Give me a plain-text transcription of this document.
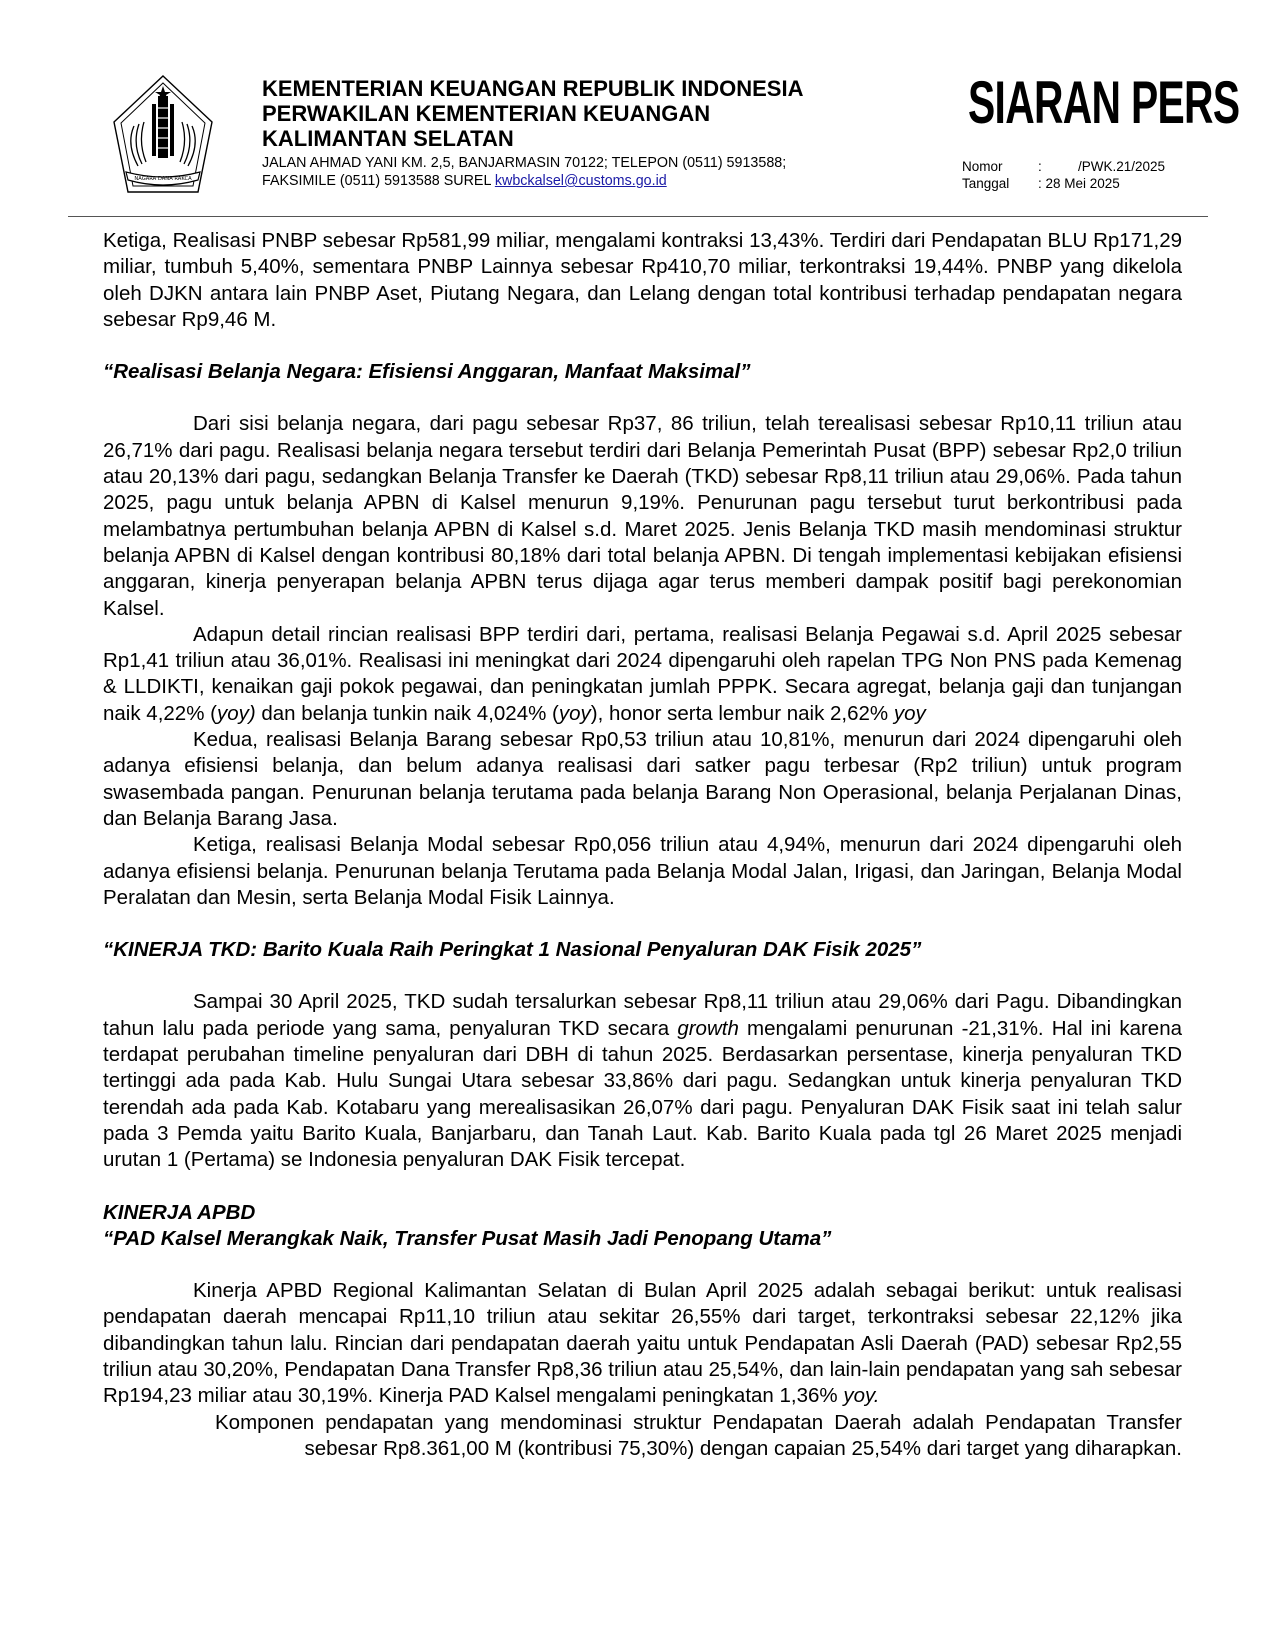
NAGARA DANA RAKCA
KEMENTERIAN KEUANGAN REPUBLIK INDONESIA
PERWAKILAN KEMENTERIAN KEUANGAN
KALIMANTAN SELATAN
JALAN AHMAD YANI KM. 2,5, BANJARMASIN 70122; TELEPON (0511) 5913588;
FAKSIMILE (0511) 5913588 SUREL kwbckalsel@customs.go.id
SIARAN PERS
Nomor	:	/PWK.21/2025
Tanggal	: 28 Mei 2025

Ketiga, Realisasi PNBP sebesar Rp581,99 miliar, mengalami kontraksi 13,43%. Terdiri dari Pendapatan BLU Rp171,29 miliar, tumbuh 5,40%, sementara PNBP Lainnya sebesar Rp410,70 miliar, terkontraksi 19,44%. PNBP yang dikelola oleh DJKN antara lain PNBP Aset, Piutang Negara, dan Lelang dengan total kontribusi terhadap pendapatan negara sebesar Rp9,46 M.

“Realisasi Belanja Negara: Efisiensi Anggaran, Manfaat Maksimal”

Dari sisi belanja negara, dari pagu sebesar Rp37, 86 triliun, telah terealisasi sebesar Rp10,11 triliun atau 26,71% dari pagu. Realisasi belanja negara tersebut terdiri dari Belanja Pemerintah Pusat (BPP) sebesar Rp2,0 triliun atau 20,13% dari pagu, sedangkan Belanja Transfer ke Daerah (TKD) sebesar Rp8,11 triliun atau 29,06%. Pada tahun 2025, pagu untuk belanja APBN di Kalsel menurun 9,19%. Penurunan pagu tersebut turut berkontribusi pada melambatnya pertumbuhan belanja APBN di Kalsel s.d. Maret 2025. Jenis Belanja TKD masih mendominasi struktur belanja APBN di Kalsel dengan kontribusi 80,18% dari total belanja APBN. Di tengah implementasi kebijakan efisiensi anggaran, kinerja penyerapan belanja APBN terus dijaga agar terus memberi dampak positif bagi perekonomian Kalsel.

Adapun detail rincian realisasi BPP terdiri dari, pertama, realisasi Belanja Pegawai s.d. April 2025 sebesar Rp1,41 triliun atau 36,01%. Realisasi ini meningkat dari 2024 dipengaruhi oleh rapelan TPG Non PNS pada Kemenag & LLDIKTI, kenaikan gaji pokok pegawai, dan peningkatan jumlah PPPK. Secara agregat, belanja gaji dan tunjangan naik 4,22% (yoy) dan belanja tunkin naik 4,024% (yoy), honor serta lembur naik 2,62% yoy

Kedua, realisasi Belanja Barang sebesar Rp0,53 triliun atau 10,81%, menurun dari 2024 dipengaruhi oleh adanya efisiensi belanja, dan belum adanya realisasi dari satker pagu terbesar (Rp2 triliun) untuk program swasembada pangan. Penurunan belanja terutama pada belanja Barang Non Operasional, belanja Perjalanan Dinas, dan Belanja Barang Jasa.

Ketiga, realisasi Belanja Modal sebesar Rp0,056 triliun atau 4,94%, menurun dari 2024 dipengaruhi oleh adanya efisiensi belanja. Penurunan belanja Terutama pada Belanja Modal Jalan, Irigasi, dan Jaringan, Belanja Modal Peralatan dan Mesin, serta Belanja Modal Fisik Lainnya.

“KINERJA TKD: Barito Kuala Raih Peringkat 1 Nasional Penyaluran DAK Fisik 2025”

Sampai 30 April 2025, TKD sudah tersalurkan sebesar Rp8,11 triliun atau 29,06% dari Pagu. Dibandingkan tahun lalu pada periode yang sama, penyaluran TKD secara growth mengalami penurunan -21,31%. Hal ini karena terdapat perubahan timeline penyaluran dari DBH di tahun 2025. Berdasarkan persentase, kinerja penyaluran TKD tertinggi ada pada Kab. Hulu Sungai Utara sebesar 33,86% dari pagu. Sedangkan untuk kinerja penyaluran TKD terendah ada pada Kab. Kotabaru yang merealisasikan 26,07% dari pagu. Penyaluran DAK Fisik saat ini telah salur pada 3 Pemda yaitu Barito Kuala, Banjarbaru, dan Tanah Laut. Kab. Barito Kuala pada tgl 26 Maret 2025 menjadi urutan 1 (Pertama) se Indonesia penyaluran DAK Fisik tercepat.

KINERJA APBD

“PAD Kalsel Merangkak Naik, Transfer Pusat Masih Jadi Penopang Utama”

Kinerja APBD Regional Kalimantan Selatan di Bulan April 2025 adalah sebagai berikut: untuk realisasi pendapatan daerah mencapai Rp11,10 triliun atau sekitar 26,55% dari target, terkontraksi sebesar 22,12% jika dibandingkan tahun lalu. Rincian dari pendapatan daerah yaitu untuk Pendapatan Asli Daerah (PAD) sebesar Rp2,55 triliun atau 30,20%, Pendapatan Dana Transfer Rp8,36 triliun atau 25,54%, dan lain-lain pendapatan yang sah sebesar Rp194,23 miliar atau 30,19%. Kinerja PAD Kalsel mengalami peningkatan 1,36% yoy.

Komponen pendapatan yang mendominasi struktur Pendapatan Daerah adalah Pendapatan Transfer sebesar Rp8.361,00 M (kontribusi 75,30%) dengan capaian 25,54% dari target yang diharapkan.
